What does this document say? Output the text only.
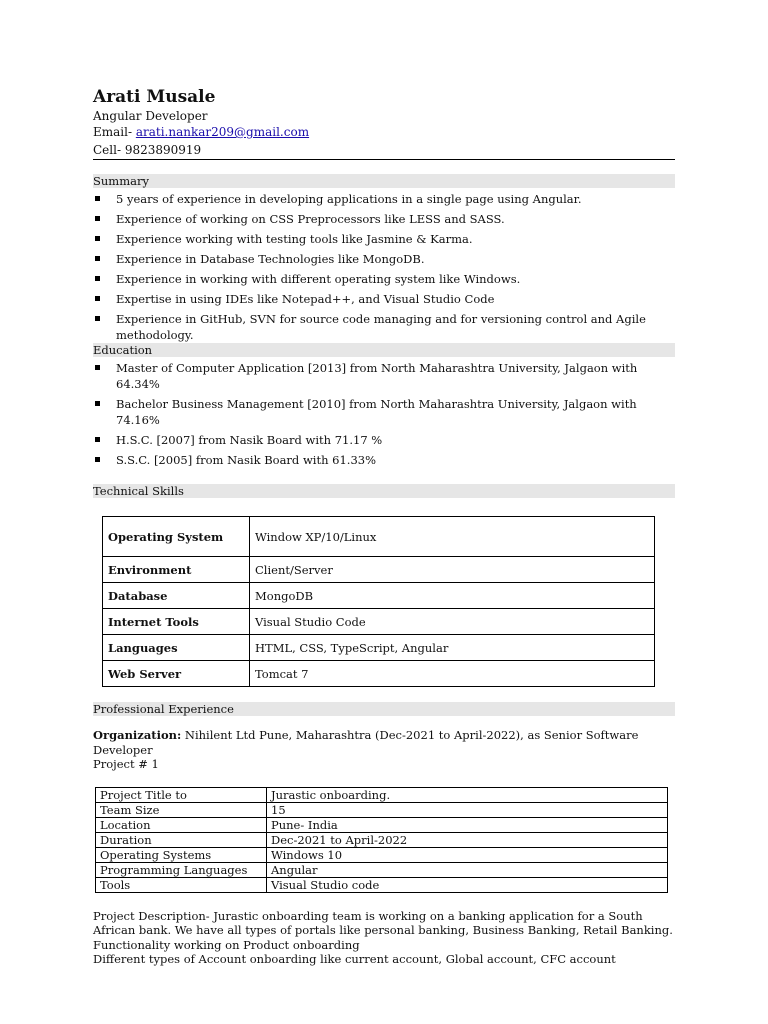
Arati Musale
Angular Developer
Email- arati.nankar209@gmail.com
Cell- 9823890919
Summary
5 years of experience in developing applications in a single page using Angular.
Experience of working on CSS Preprocessors like LESS and SASS.
Experience working with testing tools like Jasmine & Karma.
Experience in Database Technologies like MongoDB.
Experience in working with different operating system like Windows.
Expertise in using IDEs like Notepad++, and Visual Studio Code
Experience in GitHub, SVN for source code managing and for versioning control and Agile methodology.
Education
Master of Computer Application [2013] from North Maharashtra University, Jalgaon with 64.34%
Bachelor Business Management [2010] from North Maharashtra University, Jalgaon with 74.16%
H.S.C. [2007] from Nasik Board with 71.17 %
S.S.C. [2005] from Nasik Board with 61.33%
Technical Skills
Operating System	Window XP/10/Linux
Environment	Client/Server
Database	MongoDB
Internet Tools	Visual Studio Code
Languages	HTML, CSS, TypeScript, Angular
Web Server	Tomcat 7
Professional Experience

Organization: Nihilent Ltd Pune, Maharashtra (Dec-2021 to April-2022), as Senior Software Developer

Project # 1

Project Title to	Jurastic onboarding.
Team Size	15
Location	Pune- India
Duration	Dec-2021 to April-2022
Operating Systems	Windows 10
Programming Languages	Angular
Tools	Visual Studio code

Project Description- Jurastic onboarding team is working on a banking application for a South African bank. We have all types of portals like personal banking, Business Banking, Retail Banking. Functionality working on Product onboarding

Different types of Account onboarding like current account, Global account, CFC account
